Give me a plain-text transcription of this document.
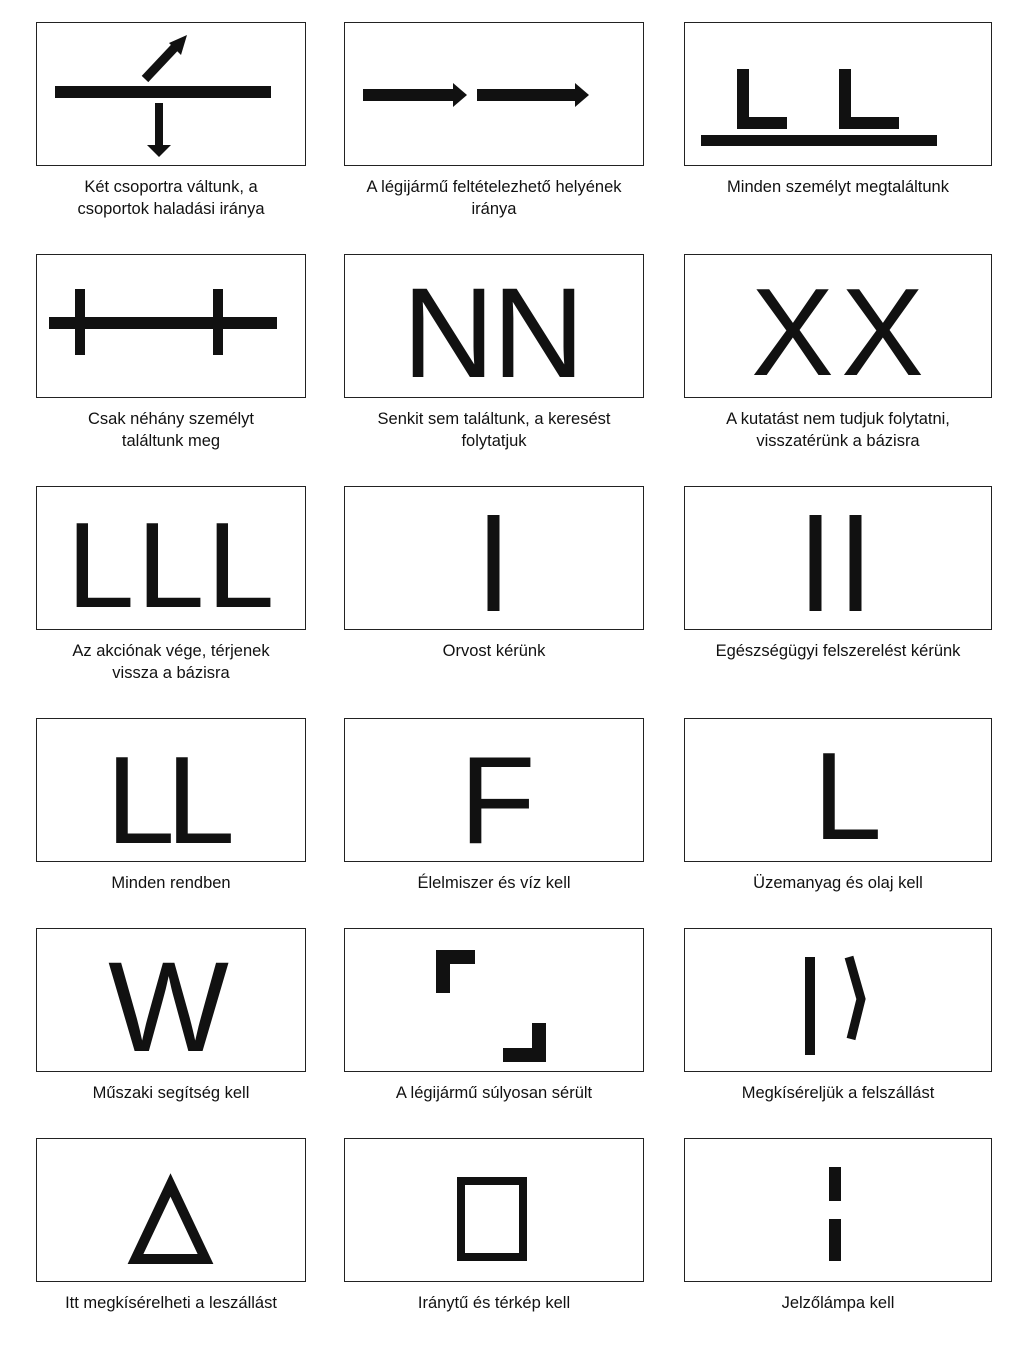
Két csoportra váltunk, a
csoportok haladási iránya
A légijármű feltételezhető helyének
iránya
Minden személyt megtaláltunk
Csak néhány személyt
találtunk meg
N
N
Senkit sem találtunk, a keresést
folytatjuk
X X
A kutatást nem tudjuk folytatni,
visszatérünk a bázisra
L L L
Az akciónak vége, térjenek
vissza a bázisra
Orvost kérünk	Egészségügyi felszerelést kérünk
L
L
Minden rendben
F
Élelmiszer és víz kell
L
Üzemanyag és olaj kell
W
Műszaki segítség kell	A légijármű súlyosan sérült	Megkíséreljük a felszállást
Itt megkísérelheti a leszállást	Iránytű és térkép kell	Jelzőlámpa kell
